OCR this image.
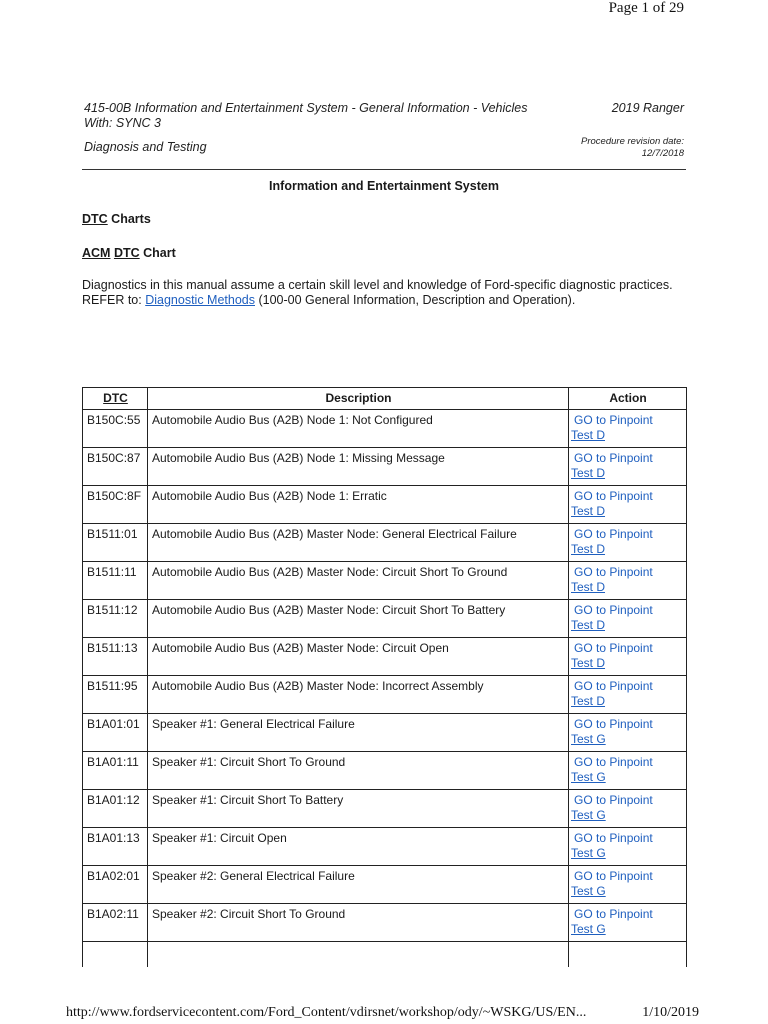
Page 1 of 29
415-00B Information and Entertainment System - General Information - Vehicles With: SYNC 3
Diagnosis and Testing
2019 Ranger
Procedure revision date:
12/7/2018
Information and Entertainment System
DTC Charts
ACM DTC Chart
Diagnostics in this manual assume a certain skill level and knowledge of Ford-specific diagnostic practices.
REFER to: Diagnostic Methods (100-00 General Information, Description and Operation).
DTC	Description	Action
B150C:55	Automobile Audio Bus (A2B) Node 1: Not Configured	GO to Pinpoint
Test D
B150C:87	Automobile Audio Bus (A2B) Node 1: Missing Message	GO to Pinpoint
Test D
B150C:8F	Automobile Audio Bus (A2B) Node 1: Erratic	GO to Pinpoint
Test D
B1511:01	Automobile Audio Bus (A2B) Master Node: General Electrical Failure	GO to Pinpoint
Test D
B1511:11	Automobile Audio Bus (A2B) Master Node: Circuit Short To Ground	GO to Pinpoint
Test D
B1511:12	Automobile Audio Bus (A2B) Master Node: Circuit Short To Battery	GO to Pinpoint
Test D
B1511:13	Automobile Audio Bus (A2B) Master Node: Circuit Open	GO to Pinpoint
Test D
B1511:95	Automobile Audio Bus (A2B) Master Node: Incorrect Assembly	GO to Pinpoint
Test D
B1A01:01	Speaker #1: General Electrical Failure	GO to Pinpoint
Test G
B1A01:11	Speaker #1: Circuit Short To Ground	GO to Pinpoint
Test G
B1A01:12	Speaker #1: Circuit Short To Battery	GO to Pinpoint
Test G
B1A01:13	Speaker #1: Circuit Open	GO to Pinpoint
Test G
B1A02:01	Speaker #2: General Electrical Failure	GO to Pinpoint
Test G
B1A02:11	Speaker #2: Circuit Short To Ground	GO to Pinpoint
Test G

http://www.fordservicecontent.com/Ford_Content/vdirsnet/workshop/ody/~WSKG/US/EN...	1/10/2019
